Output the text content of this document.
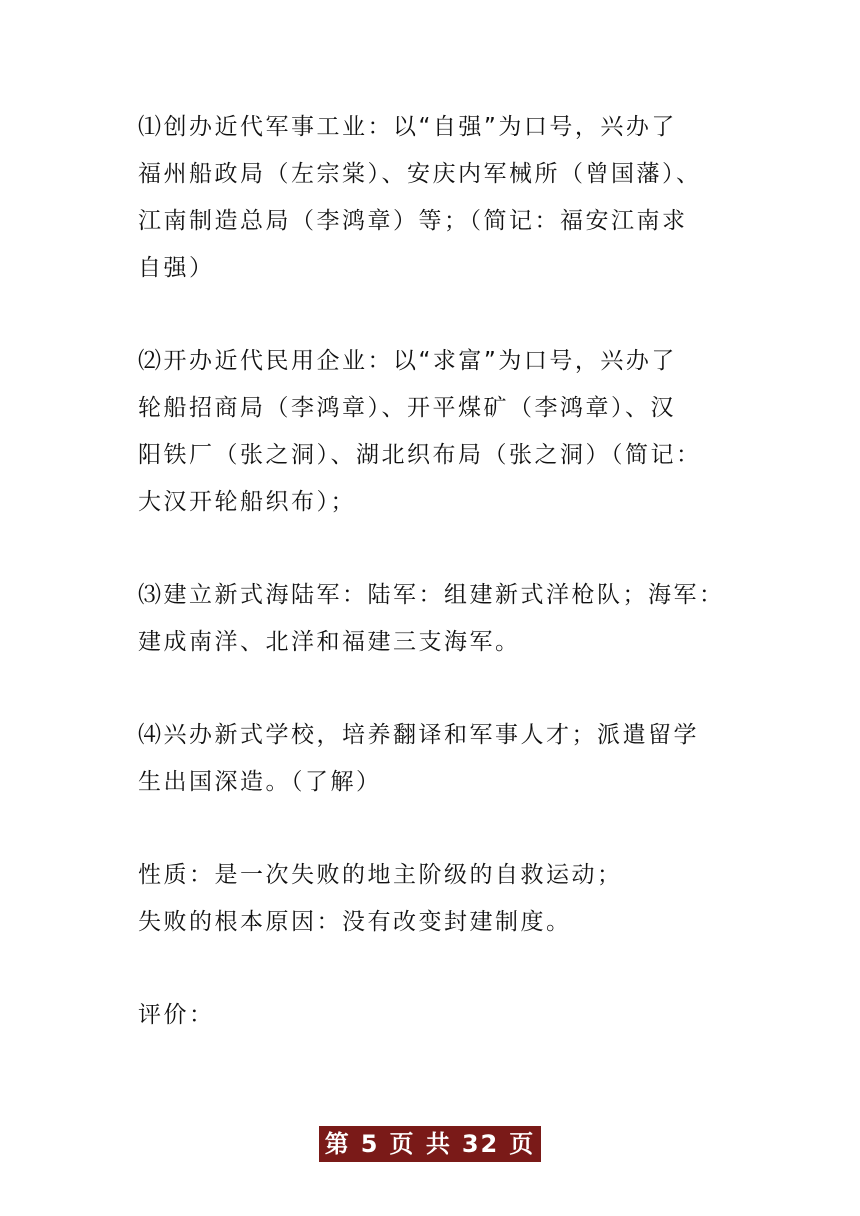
⑴创办近代军事工业：以“自强”为口号，兴办了
福州船政局（左宗棠）、安庆内军械所（曾国藩）、
江南制造总局（李鸿章）等；（简记：福安江南求
自强）

⑵开办近代民用企业：以“求富”为口号，兴办了
轮船招商局（李鸿章）、开平煤矿（李鸿章）、汉
阳铁厂（张之洞）、湖北织布局（张之洞）（简记：
大汉开轮船织布）；

⑶建立新式海陆军：陆军：组建新式洋枪队；海军：
建成南洋、北洋和福建三支海军。

⑷兴办新式学校，培养翻译和军事人才；派遣留学
生出国深造。（了解）

性质：是一次失败的地主阶级的自救运动；
失败的根本原因：没有改变封建制度。

评价：

第 5 页 共 32 页
